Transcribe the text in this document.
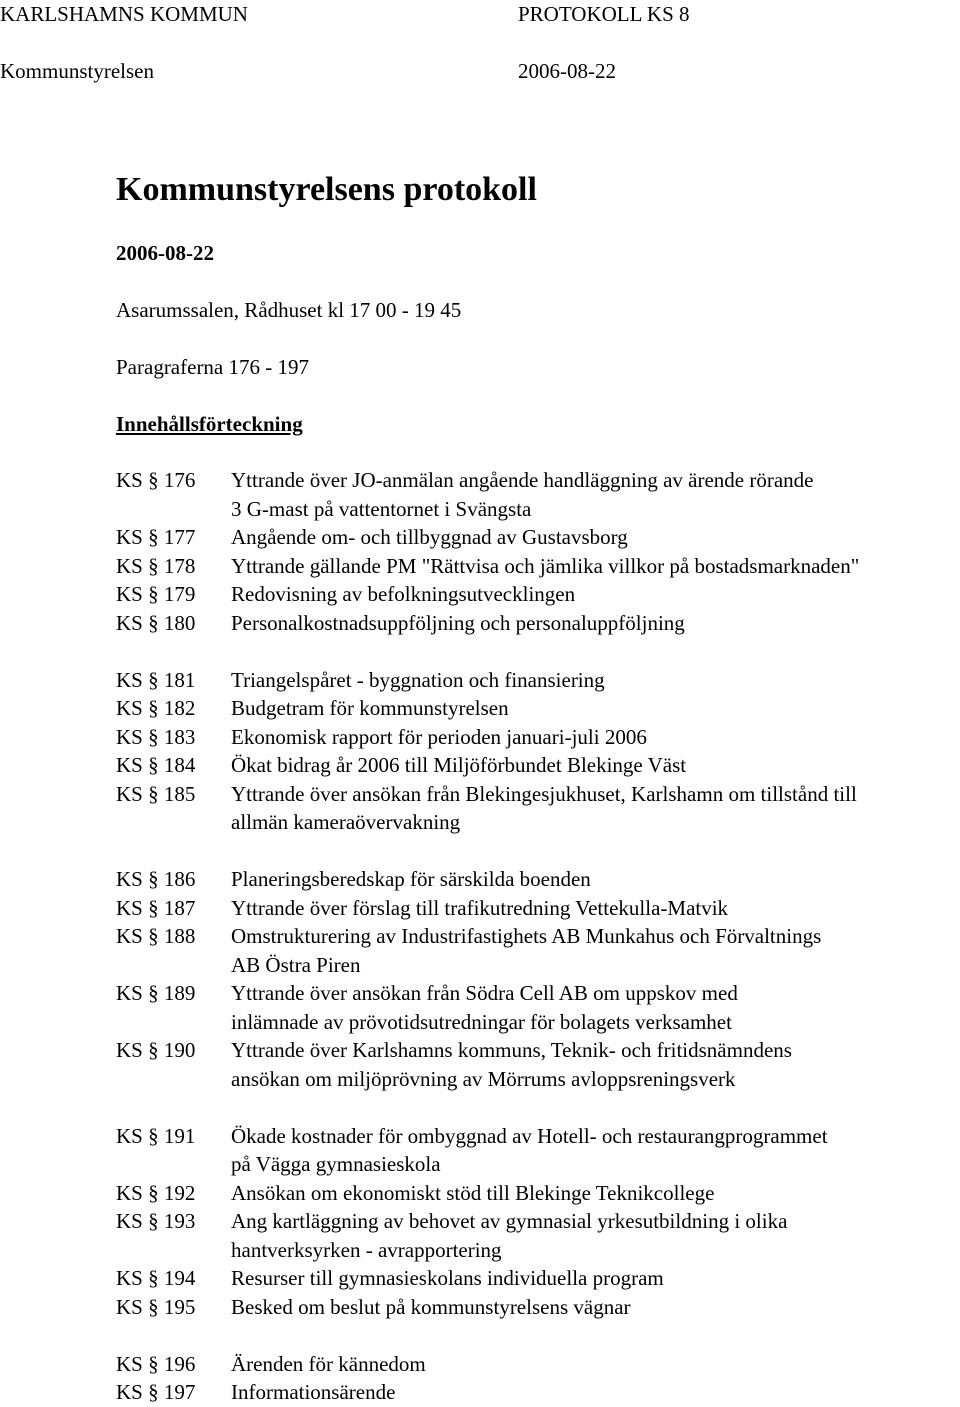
KARLSHAMNS KOMMUN	PROTOKOLL KS 8
Kommunstyrelsen	2006-08-22
Kommunstyrelsens protokoll
2006-08-22
Asarumssalen, Rådhuset kl 17 00 - 19 45
Paragraferna 176 - 197
Innehållsförteckning
KS § 176	Yttrande över JO-anmälan angående handläggning av ärende rörande
3 G-mast på vattentornet i Svängsta
KS § 177	Angående om- och tillbyggnad av Gustavsborg
KS § 178	Yttrande gällande PM "Rättvisa och jämlika villkor på bostadsmarknaden"
KS § 179	Redovisning av befolkningsutvecklingen
KS § 180	Personalkostnadsuppföljning och personaluppföljning
KS § 181	Triangelspåret - byggnation och finansiering
KS § 182	Budgetram för kommunstyrelsen
KS § 183	Ekonomisk rapport för perioden januari-juli 2006
KS § 184	Ökat bidrag år 2006 till Miljöförbundet Blekinge Väst
KS § 185	Yttrande över ansökan från Blekingesjukhuset, Karlshamn om tillstånd till
allmän kameraövervakning
KS § 186	Planeringsberedskap för särskilda boenden
KS § 187	Yttrande över förslag till trafikutredning Vettekulla-Matvik
KS § 188	Omstrukturering av Industrifastighets AB Munkahus och Förvaltnings
AB Östra Piren
KS § 189	Yttrande över ansökan från Södra Cell AB om uppskov med
inlämnade av prövotidsutredningar för bolagets verksamhet
KS § 190	Yttrande över Karlshamns kommuns, Teknik- och fritidsnämndens
ansökan om miljöprövning av Mörrums avloppsreningsverk
KS § 191	Ökade kostnader för ombyggnad av Hotell- och restaurangprogrammet
på Vägga gymnasieskola
KS § 192	Ansökan om ekonomiskt stöd till Blekinge Teknikcollege
KS § 193	Ang kartläggning av behovet av gymnasial yrkesutbildning i olika
hantverksyrken - avrapportering
KS § 194	Resurser till gymnasieskolans individuella program
KS § 195	Besked om beslut på kommunstyrelsens vägnar
KS § 196	Ärenden för kännedom
KS § 197	Informationsärende
